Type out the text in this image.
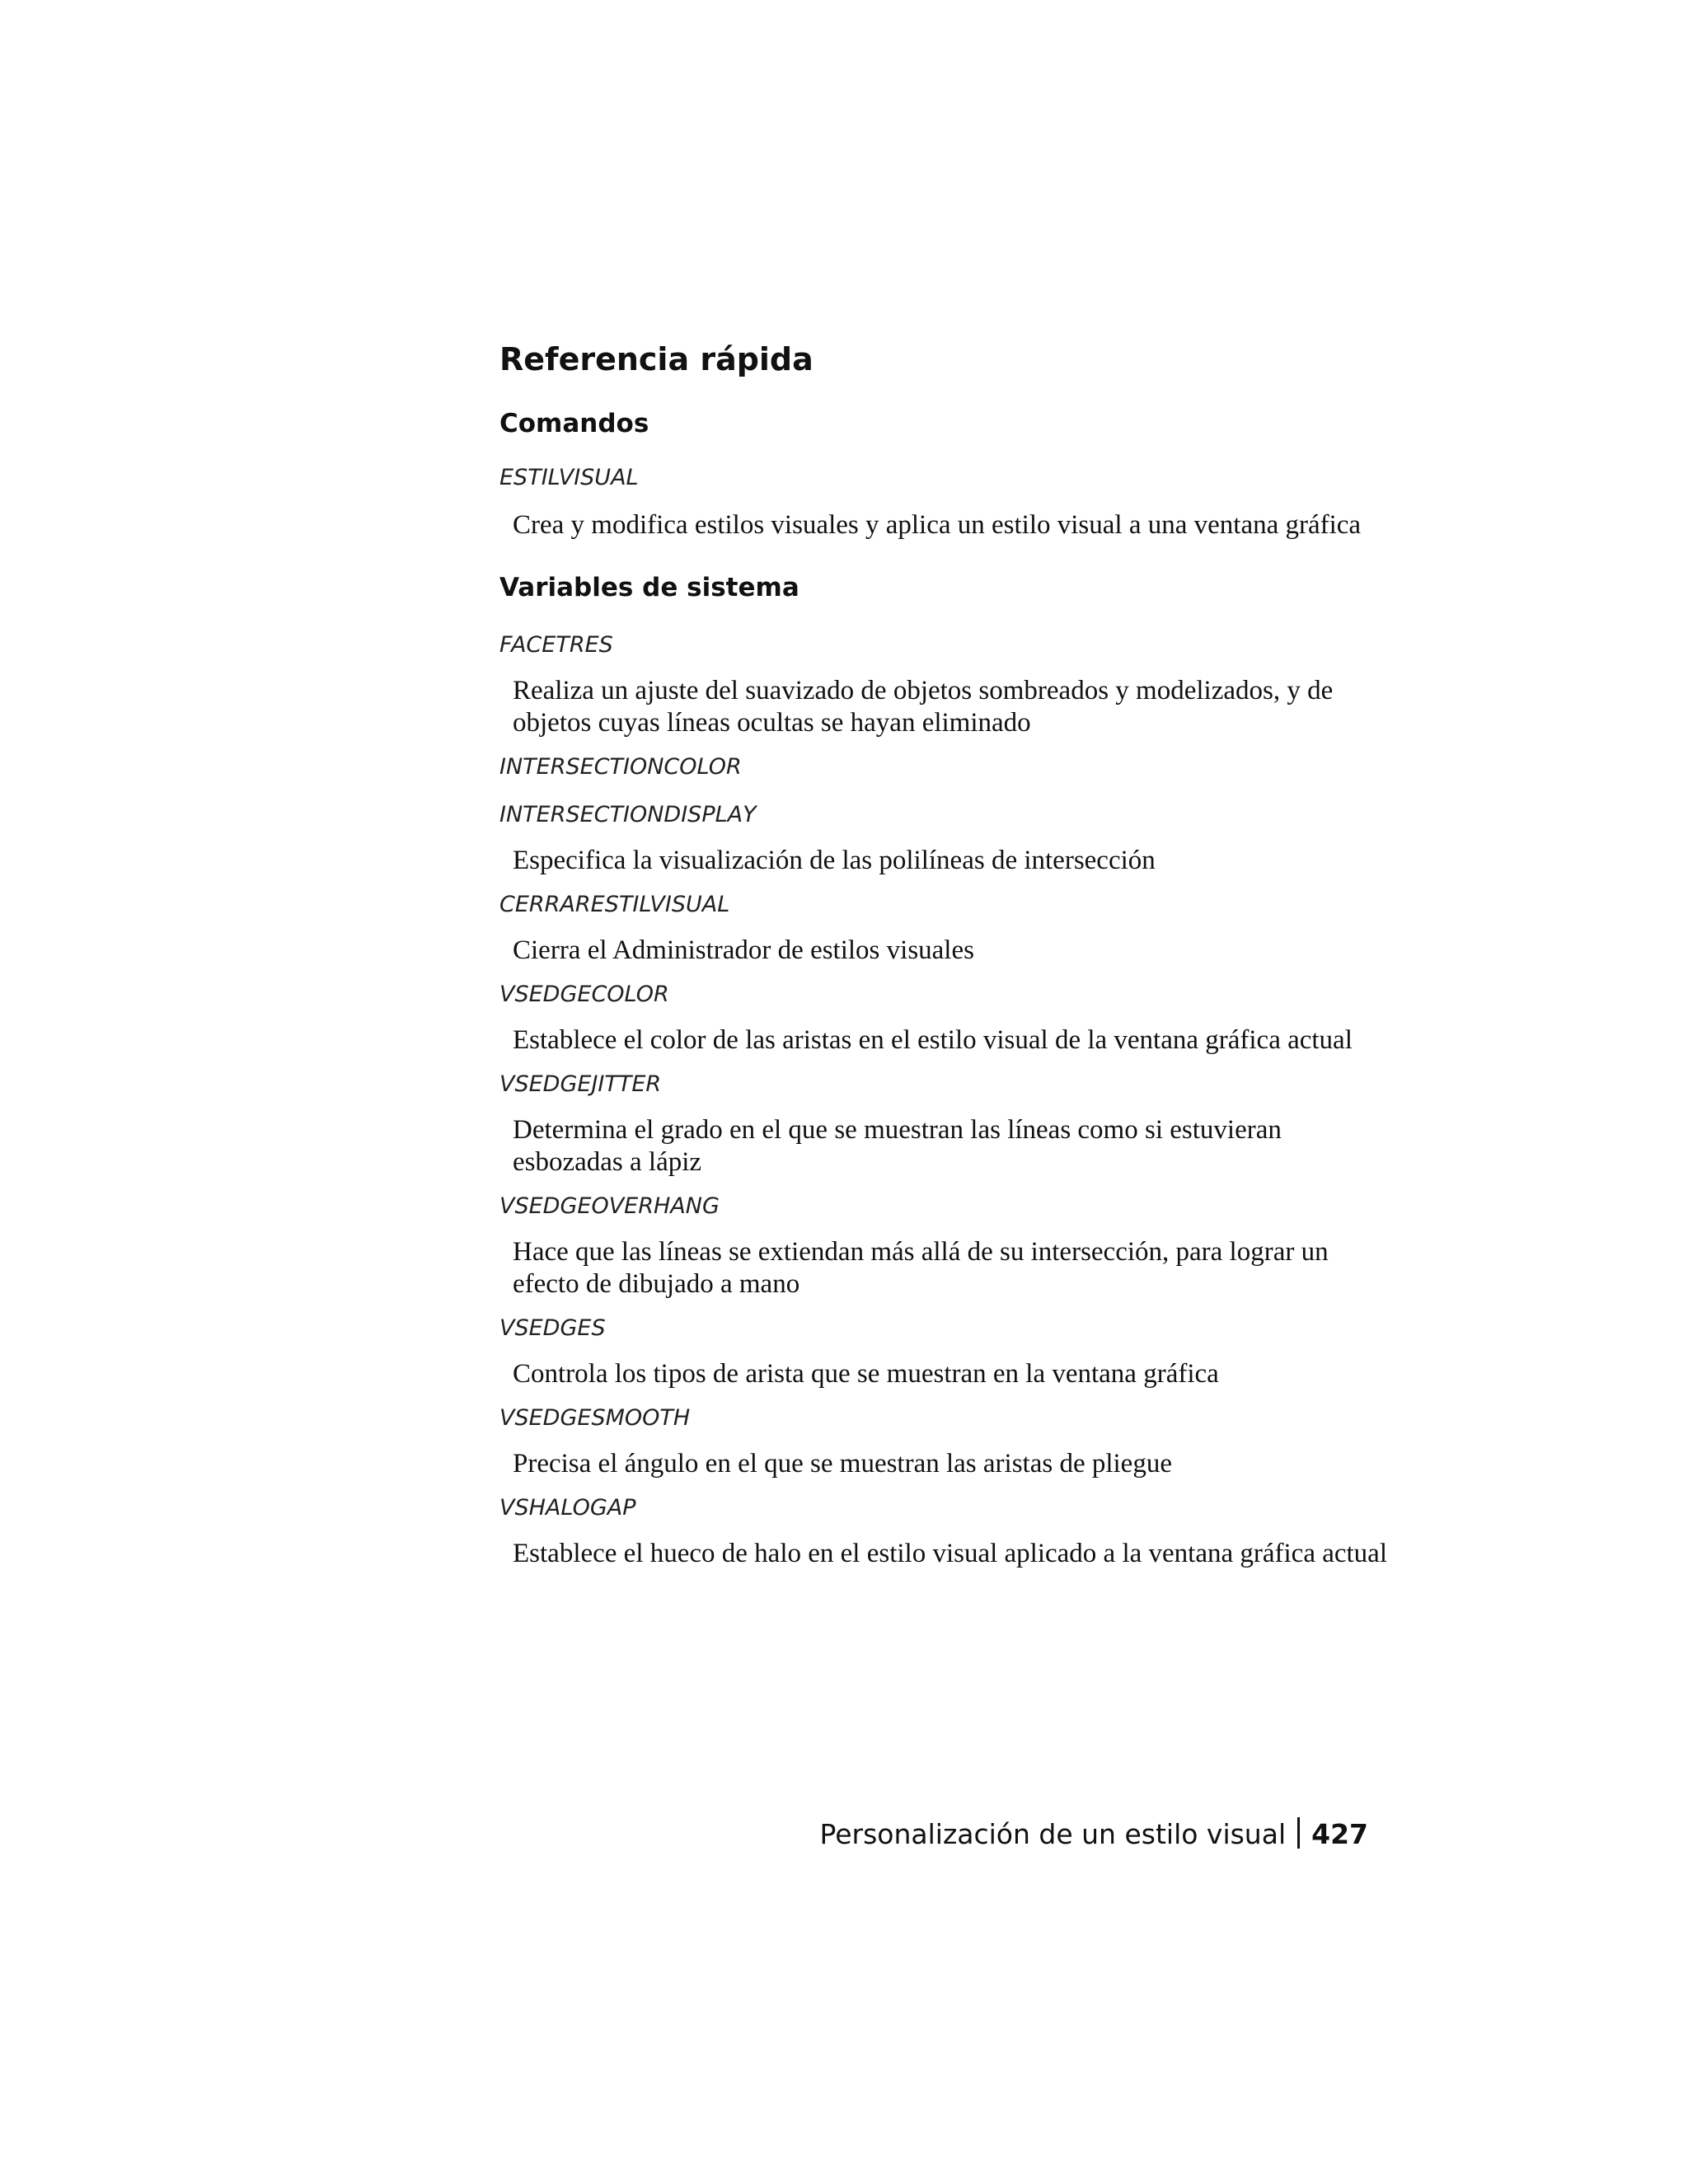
Referencia rápida
Comandos
ESTILVISUAL
Crea y modifica estilos visuales y aplica un estilo visual a una ventana gráfica
Variables de sistema
FACETRES
Realiza un ajuste del suavizado de objetos sombreados y modelizados, y de objetos cuyas líneas ocultas se hayan eliminado
INTERSECTIONCOLOR
INTERSECTIONDISPLAY
Especifica la visualización de las polilíneas de intersección
CERRARESTILVISUAL
Cierra el Administrador de estilos visuales
VSEDGECOLOR
Establece el color de las aristas en el estilo visual de la ventana gráfica actual
VSEDGEJITTER
Determina el grado en el que se muestran las líneas como si estuvieran esbozadas a lápiz
VSEDGEOVERHANG
Hace que las líneas se extiendan más allá de su intersección, para lograr un efecto de dibujado a mano
VSEDGES
Controla los tipos de arista que se muestran en la ventana gráfica
VSEDGESMOOTH
Precisa el ángulo en el que se muestran las aristas de pliegue
VSHALOGAP
Establece el hueco de halo en el estilo visual aplicado a la ventana gráfica actual
Personalización de un estilo visual 427
